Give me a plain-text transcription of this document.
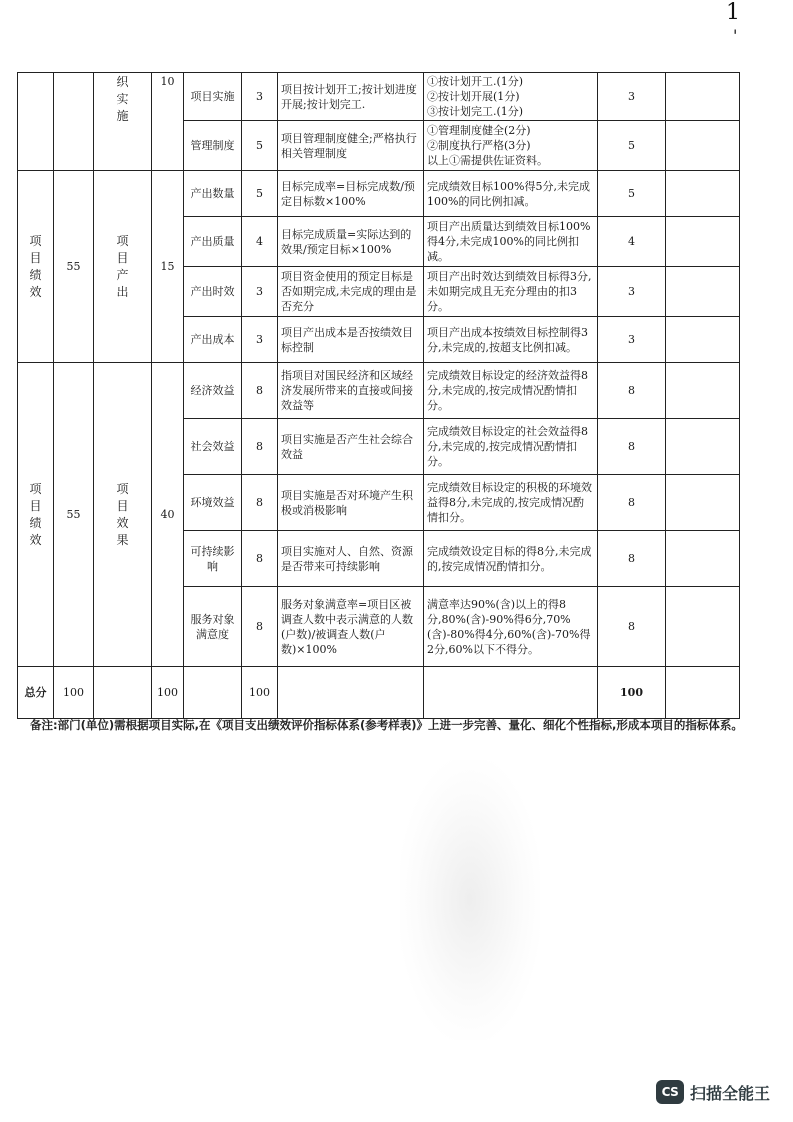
1
'
		织实施	10	项目实施	3	项目按计划开工;按计划进度开展;按计划完工.	①按计划开工.(1分)
②按计划开展(1分)
③按计划完工.(1分)	3	
				管理制度	5	项目管理制度健全;严格执行相关管理制度	①管理制度健全(2分)
②制度执行严格(3分)
以上①需提供佐证资料。	5	
项目绩效	55	项目产出	15	产出数量	5	目标完成率=目标完成数/预定目标数×100%	完成绩效目标100%得5分,未完成100%的同比例扣减。	5	
				产出质量	4	目标完成质量=实际达到的效果/预定目标×100%	项目产出质量达到绩效目标100%得4分,未完成100%的同比例扣减。	4	
				产出时效	3	项目资金使用的预定目标是否如期完成,未完成的理由是否充分	项目产出时效达到绩效目标得3分,未如期完成且无充分理由的扣3分。	3	
				产出成本	3	项目产出成本是否按绩效目标控制	项目产出成本按绩效目标控制得3分,未完成的,按超支比例扣减。	3	
项目绩效	55	项目效果	40	经济效益	8	指项目对国民经济和区域经济发展所带来的直接或间接效益等	完成绩效目标设定的经济效益得8分,未完成的,按完成情况酌情扣分。	8	
				社会效益	8	项目实施是否产生社会综合效益	完成绩效目标设定的社会效益得8分,未完成的,按完成情况酌情扣分。	8	
				环境效益	8	项目实施是否对环境产生积极或消极影响	完成绩效目标设定的积极的环境效益得8分,未完成的,按完成情况酌情扣分。	8	
				可持续影响	8	项目实施对人、自然、资源是否带来可持续影响	完成绩效设定目标的得8分,未完成的,按完成情况酌情扣分。	8	
				服务对象满意度	8	服务对象满意率=项目区被调查人数中表示满意的人数(户数)/被调查人数(户数)×100%	满意率达90%(含)以上的得8分,80%(含)-90%得6分,70%(含)-80%得4分,60%(含)-70%得2分,60%以下不得分。	8	
总分	100		100		100			100	
备注:部门(单位)需根据项目实际,在《项目支出绩效评价指标体系(参考样表)》上进一步完善、量化、细化个性指标,形成本项目的指标体系。
CS 扫描全能王
